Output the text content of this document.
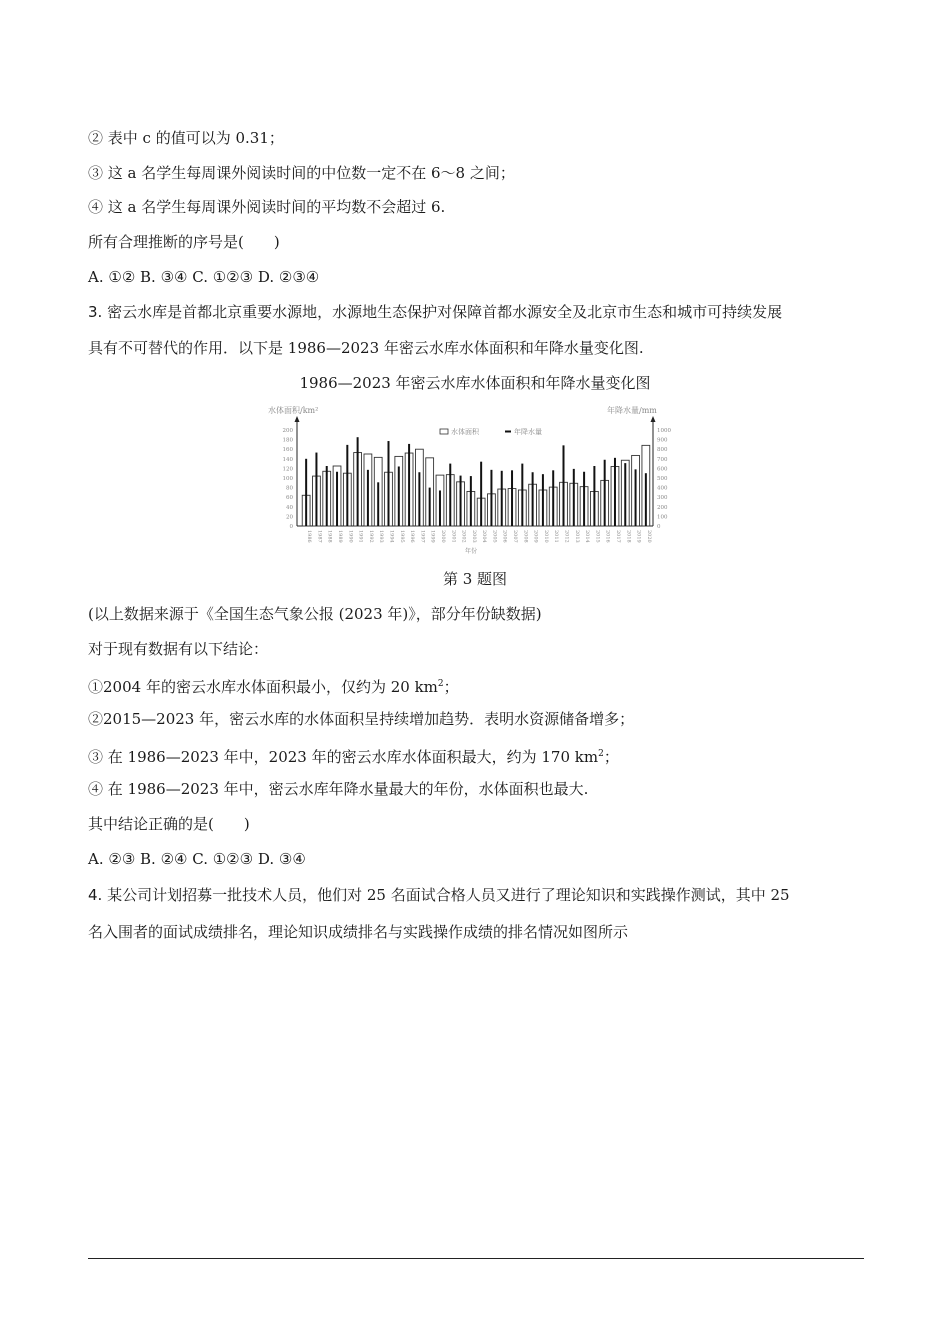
② 表中 c 的值可以为 0.31；
③ 这 a 名学生每周课外阅读时间的中位数一定不在 6～8 之间；
④ 这 a 名学生每周课外阅读时间的平均数不会超过 6.
所有合理推断的序号是(　　)
A. ①② B. ③④ C. ①②③ D. ②③④
3. 密云水库是首都北京重要水源地，水源地生态保护对保障首都水源安全及北京市生态和城市可持续发展
具有不可替代的作用．以下是 1986—2023 年密云水库水体面积和年降水量变化图.
1986—2023 年密云水库水体面积和年降水量变化图
水体面积/km²	年降水量/mm
0
20
40
60
80
100
120
140
160
180
200
0
100
200
300
400
500
600
700
800
900
1000
1986 1987 1988 1989 1990 1991 1992 1993 1994 1995 1996 1997 1999 2000 2001 2002 2003 2004 2005 2006 2007 2008 2009 2010 2011 2012 2013 2014 2015 2016 2017 2018 2019 2020
年份
水体面积	年降水量
第 3 题图
(以上数据来源于《全国生态气象公报 (2023 年)》，部分年份缺数据)
对于现有数据有以下结论：
①2004 年的密云水库水体面积最小，仅约为 20 $km^2$；
②2015—2023 年，密云水库的水体面积呈持续增加趋势．表明水资源储备增多；
③ 在 1986—2023 年中，2023 年的密云水库水体面积最大，约为 170 $km^2$；
④ 在 1986—2023 年中，密云水库年降水量最大的年份，水体面积也最大.
其中结论正确的是(　　)
A. ②③ B. ②④ C. ①②③ D. ③④
4. 某公司计划招募一批技术人员，他们对 25 名面试合格人员又进行了理论知识和实践操作测试，其中 25
名入围者的面试成绩排名，理论知识成绩排名与实践操作成绩的排名情况如图所示
